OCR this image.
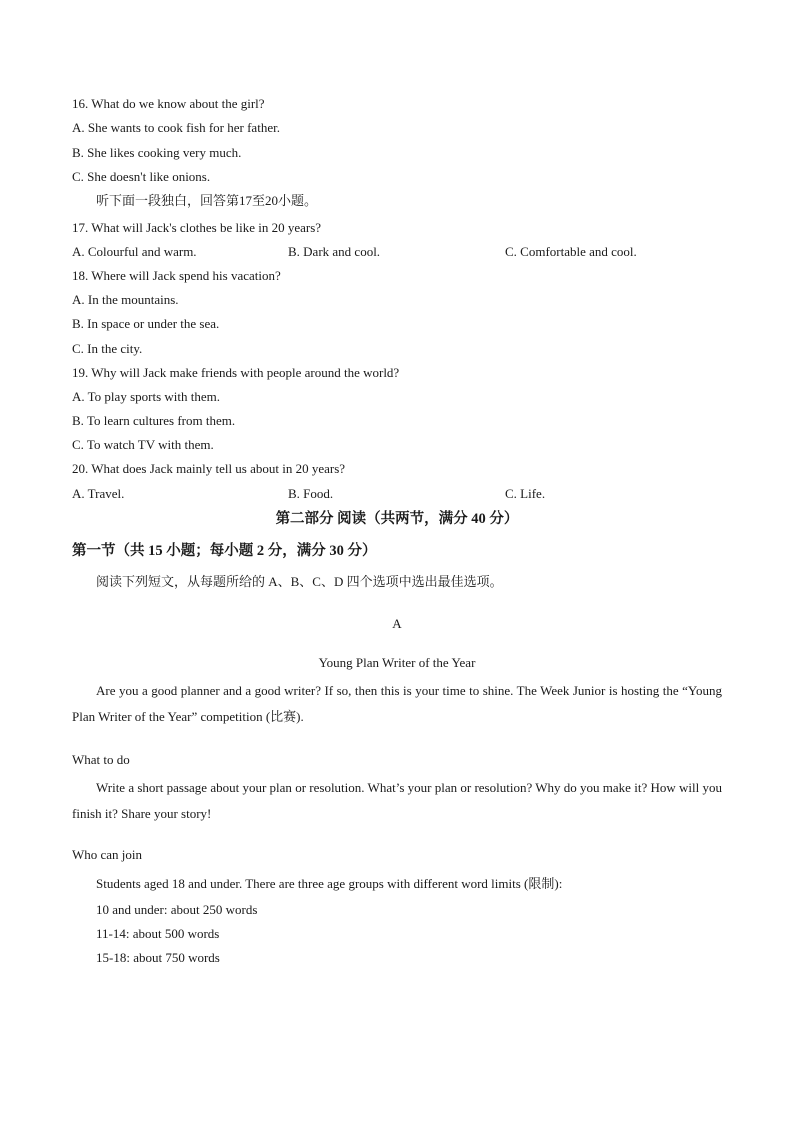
16. What do we know about the girl?
A. She wants to cook fish for her father.
B. She likes cooking very much.
C. She doesn't like onions.
听下面一段独白，回答第17至20小题。
17. What will Jack's clothes be like in 20 years?
A. Colourful and warm.	B. Dark and cool.	C. Comfortable and cool.
18. Where will Jack spend his vacation?
A. In the mountains.
B. In space or under the sea.
C. In the city.
19. Why will Jack make friends with people around the world?
A. To play sports with them.
B. To learn cultures from them.
C. To watch TV with them.
20. What does Jack mainly tell us about in 20 years?
A. Travel.	B. Food.	C. Life.
第二部分 阅读（共两节，满分 40 分）
第一节（共 15 小题；每小题 2 分，满分 30 分）
阅读下列短文，从每题所给的 A、B、C、D 四个选项中选出最佳选项。
A
Young Plan Writer of the Year
Are you a good planner and a good writer? If so, then this is your time to shine. The Week Junior is hosting the “Young Plan Writer of the Year” competition (比赛).
What to do
Write a short passage about your plan or resolution. What’s your plan or resolution? Why do you make it? How will you finish it? Share your story!
Who can join
Students aged 18 and under. There are three age groups with different word limits (限制):
10 and under: about 250 words
11-14: about 500 words
15-18: about 750 words
